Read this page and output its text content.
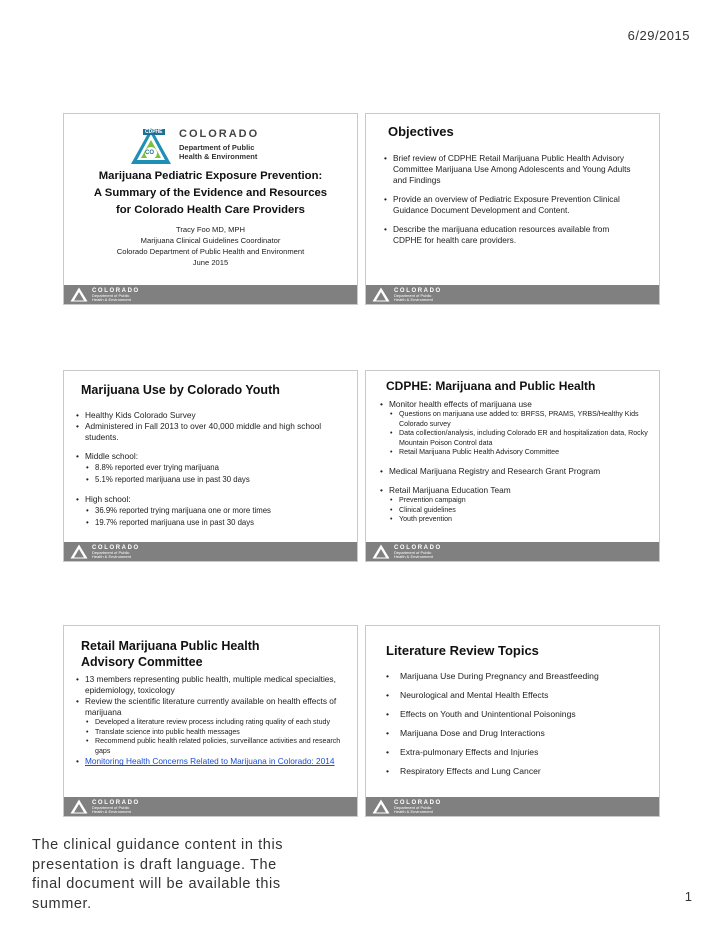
6/29/2015
CDPHE
CO
COLORADO
Department of Public
Health & Environment
Marijuana Pediatric Exposure Prevention:
A Summary of the Evidence and Resources
for Colorado Health Care Providers
Tracy Foo MD, MPH
Marijuana Clinical Guidelines Coordinator
Colorado Department of Public Health and Environment
June 2015
COLORADO
Department of Public
Health & Environment
Objectives
• Brief review of CDPHE Retail Marijuana Public Health Advisory Committee Marijuana Use Among Adolescents and Young Adults and Findings
• Provide an overview of Pediatric Exposure Prevention Clinical Guidance Document Development and Content.
• Describe the marijuana education resources available from CDPHE for health care providers.
COLORADO
Department of Public
Health & Environment
Marijuana Use by Colorado Youth
• Healthy Kids Colorado Survey
• Administered in Fall 2013 to over 40,000 middle and high school students.
• Middle school:
• 8.8% reported ever trying marijuana
• 5.1% reported marijuana use in past 30 days
• High school:
• 36.9% reported trying marijuana one or more times
• 19.7% reported marijuana use in past 30 days
COLORADO
Department of Public
Health & Environment
CDPHE: Marijuana and Public Health
• Monitor health effects of marijuana use
• Questions on marijuana use added to: BRFSS, PRAMS, YRBS/Healthy Kids Colorado survey
• Data collection/analysis, including Colorado ER and hospitalization data, Rocky Mountain Poison Control data
• Retail Marijuana Public Health Advisory Committee
• Medical Marijuana Registry and Research Grant Program
• Retail Marijuana Education Team
• Prevention campaign
• Clinical guidelines
• Youth prevention
COLORADO
Department of Public
Health & Environment
Retail Marijuana Public Health
Advisory Committee
• 13 members representing public health, multiple medical specialties, epidemiology, toxicology
• Review the scientific literature currently available on health effects of marijuana
• Developed a literature review process including rating quality of each study
• Translate science into public health messages
• Recommend public health related policies, surveillance activities and research gaps
• Monitoring Health Concerns Related to Marijuana in Colorado: 2014
COLORADO
Department of Public
Health & Environment
Literature Review Topics
• Marijuana Use During Pregnancy and Breastfeeding
• Neurological and Mental Health Effects
• Effects on Youth and Unintentional Poisonings
• Marijuana Dose and Drug Interactions
• Extra-pulmonary Effects and Injuries
• Respiratory Effects and Lung Cancer
COLORADO
Department of Public
Health & Environment
The clinical guidance content in this presentation is draft language. The final document will be available this summer.	1
